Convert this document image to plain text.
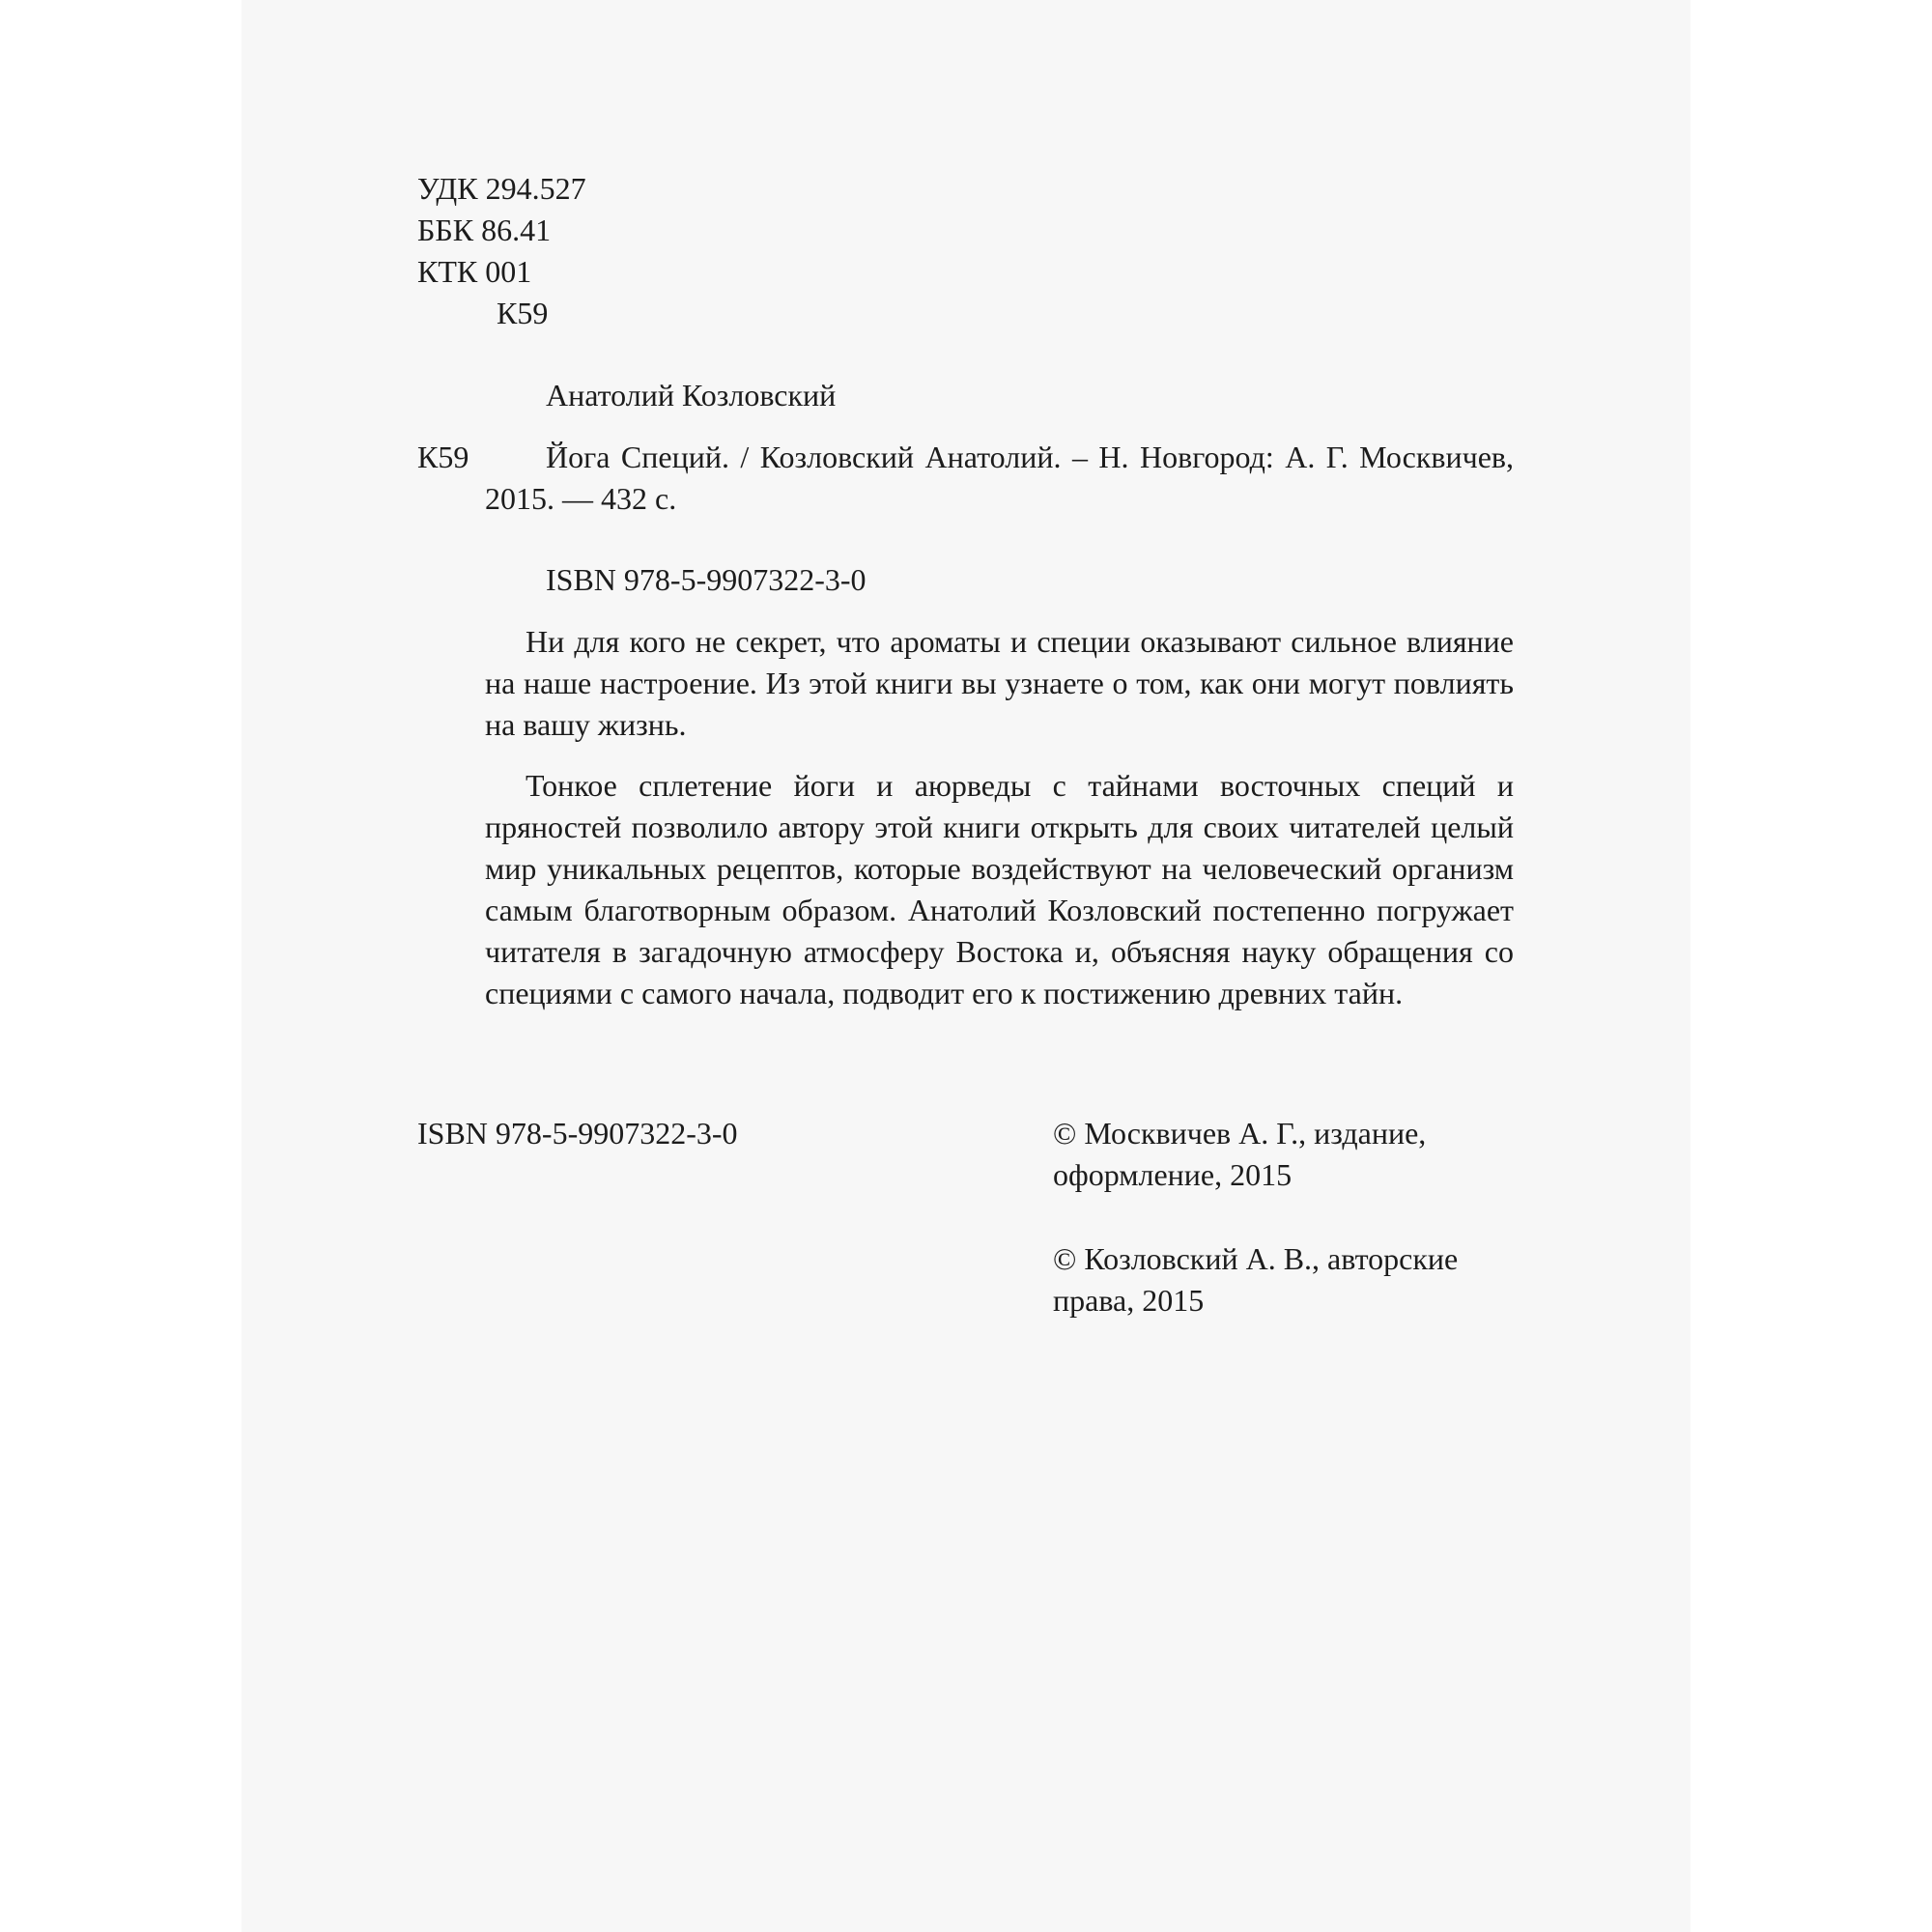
УДК 294.527
ББК 86.41
КТК 001
К59
Анатолий Козловский
К59	Йога Специй. / Козловский Анатолий. – Н. Новгород: А. Г. Москвичев, 2015. — 432 с.
ISBN 978-5-9907322-3-0

Ни для кого не секрет, что ароматы и специи оказывают сильное влияние на наше настроение. Из этой книги вы узнаете о том, как они могут повлиять на вашу жизнь.

Тонкое сплетение йоги и аюрведы с тайнами восточных специй и пряностей позволило автору этой книги открыть для своих читателей целый мир уникальных рецептов, которые воздействуют на человеческий организм самым благотворным образом. Анатолий Козловский постепенно погружает читателя в загадочную атмосферу Востока и, объясняя науку обращения со специями с самого начала, подводит его к постижению древних тайн.

ISBN 978-5-9907322-3-0	© Москвичев А. Г., издание, оформление, 2015
© Козловский А. В., авторские права, 2015
